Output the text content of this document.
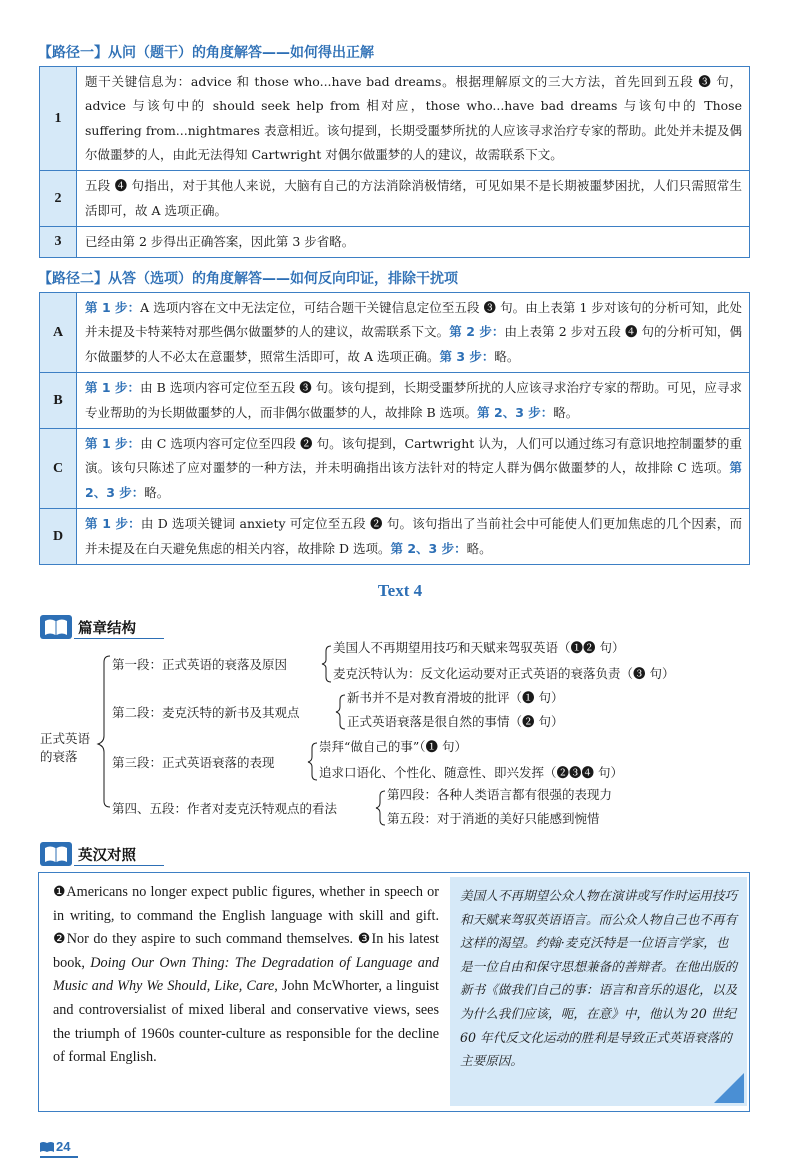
【路径一】从问（题干）的角度解答——如何得出正解
1	题干关键信息为：advice 和 those who...have bad dreams。根据理解原文的三大方法，首先回到五段 ❸ 句，advice 与该句中的 should seek help from 相对应，those who...have bad dreams 与该句中的 Those suffering from...nightmares 表意相近。该句提到，长期受噩梦所扰的人应该寻求治疗专家的帮助。此处并未提及偶尔做噩梦的人，由此无法得知 Cartwright 对偶尔做噩梦的人的建议，故需联系下文。
2	五段 ❹ 句指出，对于其他人来说，大脑有自己的方法消除消极情绪，可见如果不是长期被噩梦困扰，人们只需照常生活即可，故 A 选项正确。
3	已经由第 2 步得出正确答案，因此第 3 步省略。
【路径二】从答（选项）的角度解答——如何反向印证，排除干扰项
A	第 1 步：A 选项内容在文中无法定位，可结合题干关键信息定位至五段 ❸ 句。由上表第 1 步对该句的分析可知，此处并未提及卡特莱特对那些偶尔做噩梦的人的建议，故需联系下文。第 2 步：由上表第 2 步对五段 ❹ 句的分析可知，偶尔做噩梦的人不必太在意噩梦，照常生活即可，故 A 选项正确。第 3 步：略。
B	第 1 步：由 B 选项内容可定位至五段 ❸ 句。该句提到，长期受噩梦所扰的人应该寻求治疗专家的帮助。可见，应寻求专业帮助的为长期做噩梦的人，而非偶尔做噩梦的人，故排除 B 选项。第 2、3 步：略。
C	第 1 步：由 C 选项内容可定位至四段 ❷ 句。该句提到，Cartwright 认为，人们可以通过练习有意识地控制噩梦的重演。该句只陈述了应对噩梦的一种方法，并未明确指出该方法针对的特定人群为偶尔做噩梦的人，故排除 C 选项。第 2、3 步：略。
D	第 1 步：由 D 选项关键词 anxiety 可定位至五段 ❷ 句。该句指出了当前社会中可能使人们更加焦虑的几个因素，而并未提及在白天避免焦虑的相关内容，故排除 D 选项。第 2、3 步：略。
Text 4
篇章结构
正式英语
的衰落
第一段：正式英语的衰落及原因
美国人不再期望用技巧和天赋来驾驭英语（❶❷ 句）
麦克沃特认为：反文化运动要对正式英语的衰落负责（❸ 句）
第二段：麦克沃特的新书及其观点
新书并不是对教育滑坡的批评（❶ 句）
正式英语衰落是很自然的事情（❷ 句）
第三段：正式英语衰落的表现
崇拜“做自己的事”（❶ 句）
追求口语化、个性化、随意性、即兴发挥（❷❸❹ 句）
第四、五段：作者对麦克沃特观点的看法
第四段：各种人类语言都有很强的表现力
第五段：对于消逝的美好只能感到惋惜
英汉对照
❶Americans no longer expect public figures, whether in speech or in writing, to command the English language with skill and gift. ❷Nor do they aspire to such command themselves. ❸In his latest book, Doing Our Own Thing: The Degradation of Language and Music and Why We Should, Like, Care, John McWhorter, a linguist and controversialist of mixed liberal and conservative views, sees the triumph of 1960s counter-culture as responsible for the decline of formal English.
美国人不再期望公众人物在演讲或写作时运用技巧和天赋来驾驭英语语言。而公众人物自己也不再有这样的渴望。约翰·麦克沃特是一位语言学家，也是一位自由和保守思想兼备的善辩者。在他出版的新书《做我们自己的事：语言和音乐的退化，以及为什么我们应该，呃，在意》中，他认为 20 世纪 60 年代反文化运动的胜利是导致正式英语衰落的主要原因。
24
